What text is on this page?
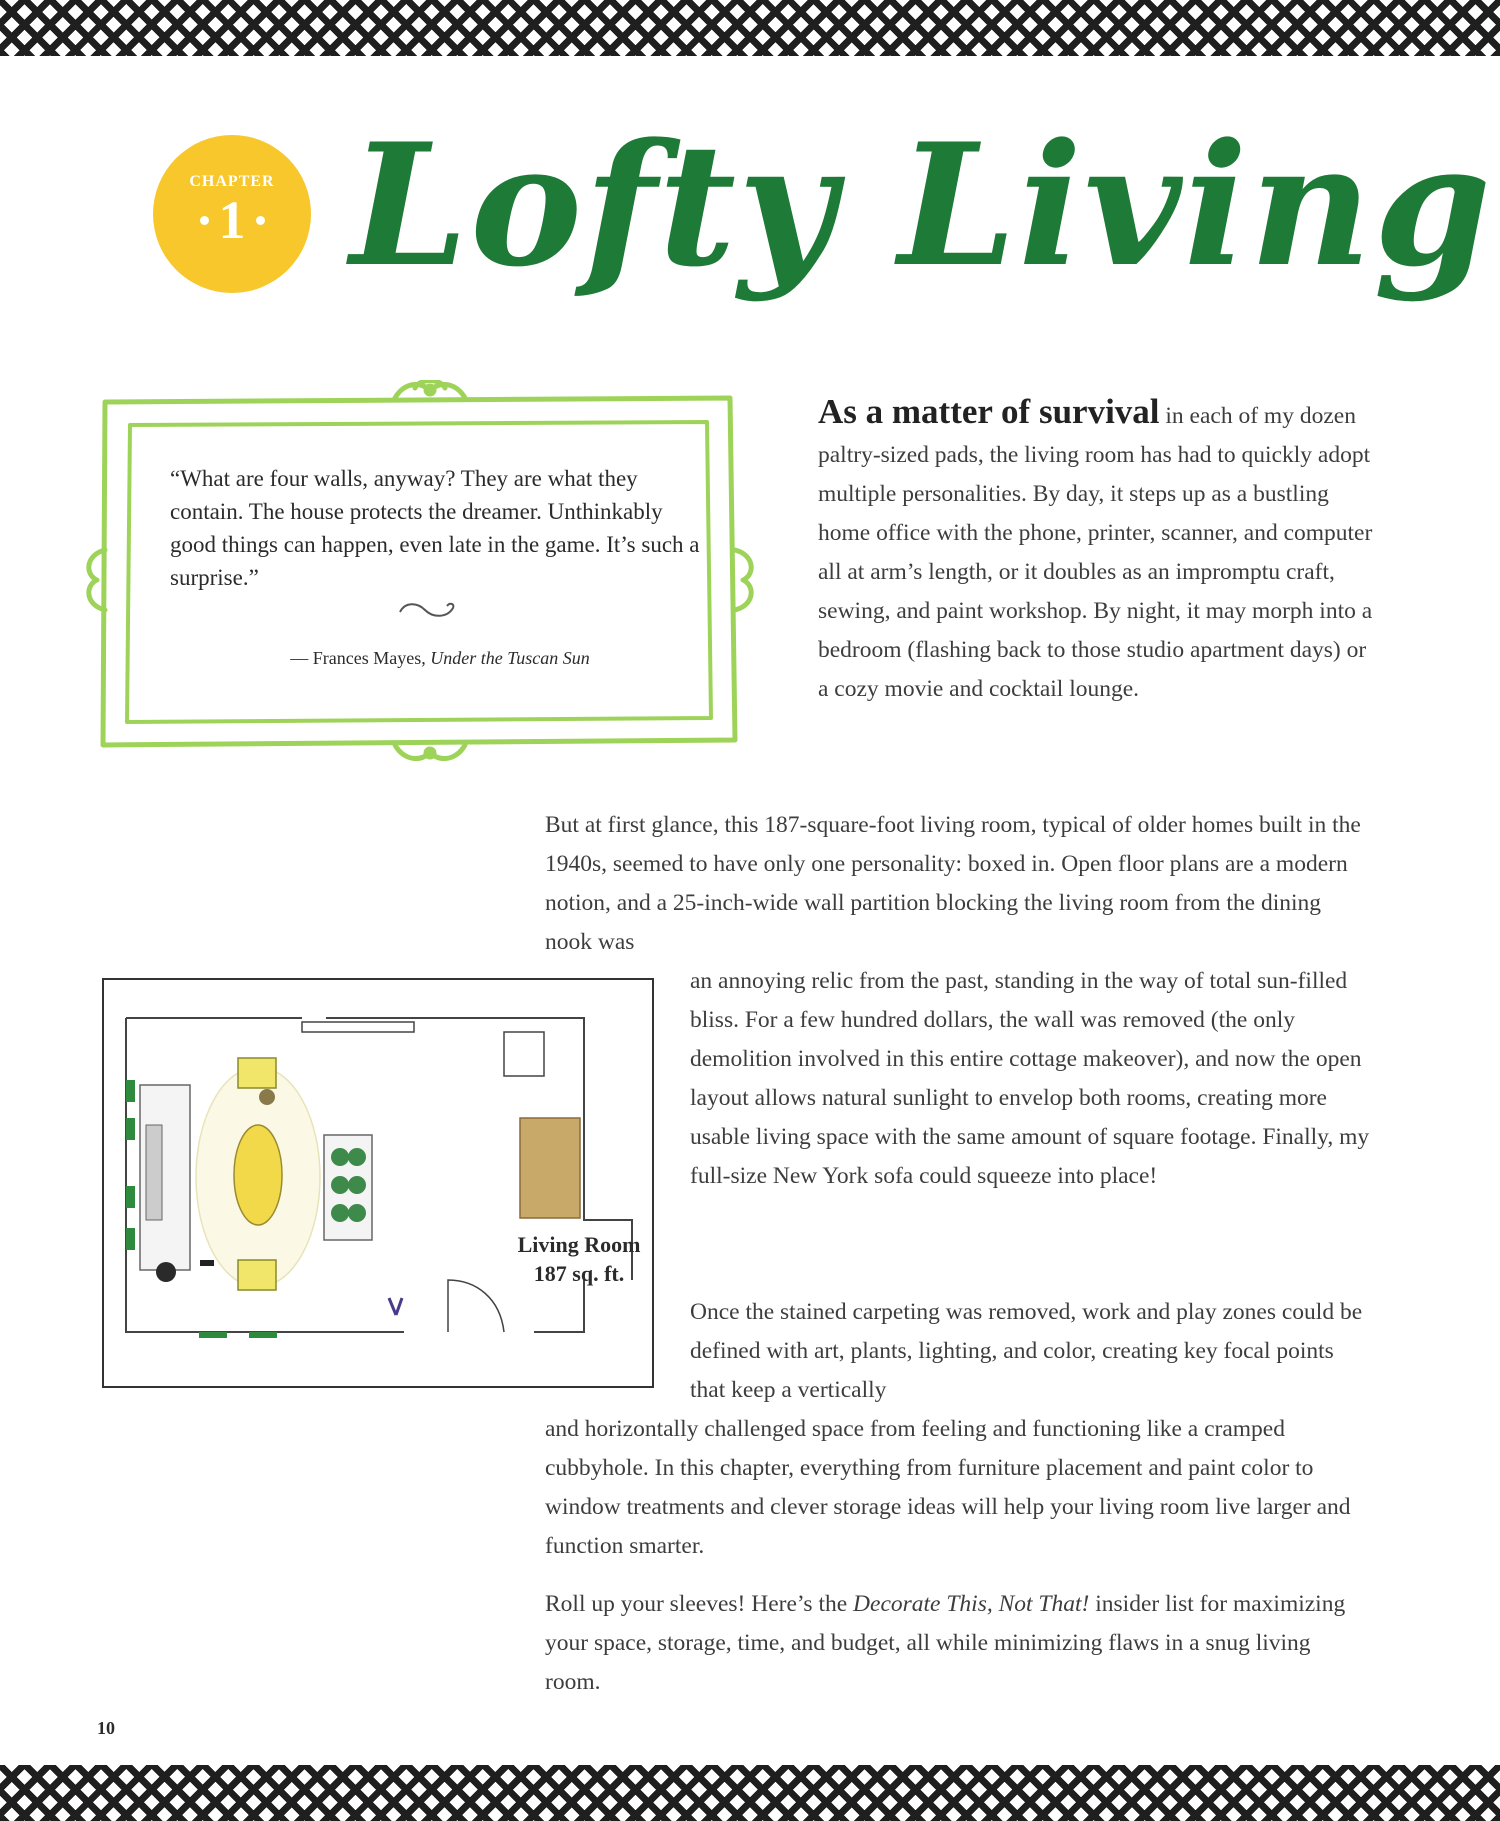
CHAPTER
1 Lofty Living
“What are four walls, anyway? They are what they contain. The house protects the dreamer. Unthinkably good things can happen, even late in the game. It’s such a surprise.”
— Frances Mayes, Under the Tuscan Sun

As a matter of survival in each of my dozen paltry-sized pads, the living room has had to quickly adopt multiple personalities. By day, it steps up as a bustling home office with the phone, printer, scanner, and computer all at arm’s length, or it doubles as an impromptu craft, sewing, and paint workshop. By night, it may morph into a bedroom (flashing back to those studio apartment days) or a cozy movie and cocktail lounge.

But at first glance, this 187-square-foot living room, typical of older homes built in the 1940s, seemed to have only one personality: boxed in. Open floor plans are a modern notion, and a 25-inch-wide wall partition blocking the living room from the dining nook was

an annoying relic from the past, standing in the way of total sun-filled bliss. For a few hundred dollars, the wall was removed (the only demolition involved in this entire cottage makeover), and now the open layout allows natural sunlight to envelop both rooms, creating more usable living space with the same amount of square footage. Finally, my full-size New York sofa could squeeze into place!

Living Room
187 sq. ft.

Once the stained carpeting was removed, work and play zones could be defined with art, plants, lighting, and color, creating key focal points that keep a vertically

and horizontally challenged space from feeling and functioning like a cramped cubbyhole. In this chapter, everything from furniture placement and paint color to window treatments and clever storage ideas will help your living room live larger and function smarter.

Roll up your sleeves! Here’s the Decorate This, Not That! insider list for maximizing your space, storage, time, and budget, all while minimizing flaws in a snug living room.

10
